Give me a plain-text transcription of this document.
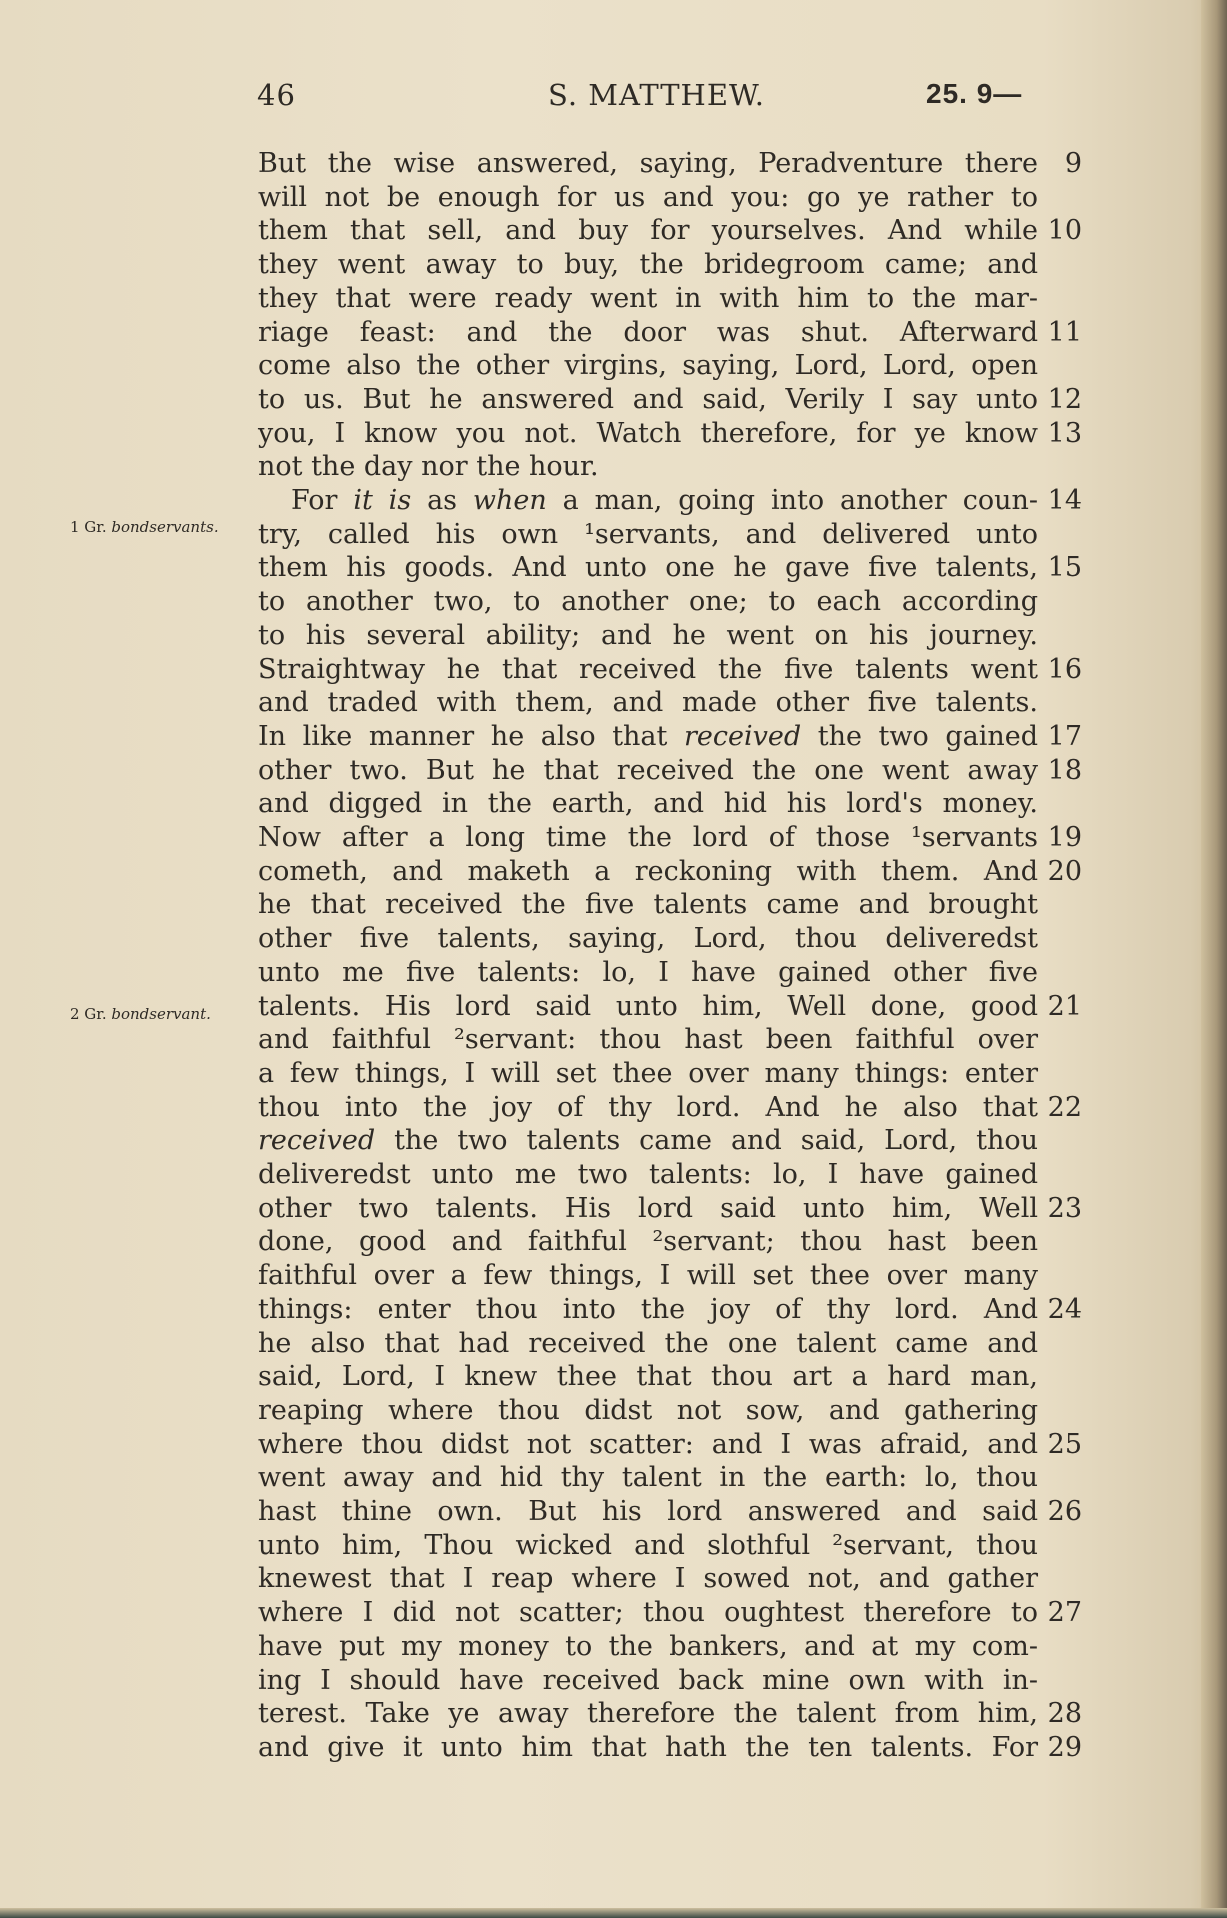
46	S. MATTHEW.	25. 9—
1 Gr. bondservants.
2 Gr. bondservant.
But the wise answered, saying, Peradventure there 9
will not be enough for us and you: go ye rather to
them that sell, and buy for yourselves. And while 10
they went away to buy, the bridegroom came; and
they that were ready went in with him to the mar-
riage feast: and the door was shut. Afterward 11
come also the other virgins, saying, Lord, Lord, open
to us. But he answered and said, Verily I say unto 12
you, I know you not. Watch therefore, for ye know 13
not the day nor the hour.
For it is as when a man, going into another coun- 14
try, called his own ¹servants, and delivered unto
them his goods. And unto one he gave five talents, 15
to another two, to another one; to each according
to his several ability; and he went on his journey.
Straightway he that received the five talents went 16
and traded with them, and made other five talents.
In like manner he also that received the two gained 17
other two. But he that received the one went away 18
and digged in the earth, and hid his lord's money.
Now after a long time the lord of those ¹servants 19
cometh, and maketh a reckoning with them. And 20
he that received the five talents came and brought
other five talents, saying, Lord, thou deliveredst
unto me five talents: lo, I have gained other five
talents. His lord said unto him, Well done, good 21
and faithful ²servant: thou hast been faithful over
a few things, I will set thee over many things: enter
thou into the joy of thy lord. And he also that 22
received the two talents came and said, Lord, thou
deliveredst unto me two talents: lo, I have gained
other two talents. His lord said unto him, Well 23
done, good and faithful ²servant; thou hast been
faithful over a few things, I will set thee over many
things: enter thou into the joy of thy lord. And 24
he also that had received the one talent came and
said, Lord, I knew thee that thou art a hard man,
reaping where thou didst not sow, and gathering
where thou didst not scatter: and I was afraid, and 25
went away and hid thy talent in the earth: lo, thou
hast thine own. But his lord answered and said 26
unto him, Thou wicked and slothful ²servant, thou
knewest that I reap where I sowed not, and gather
where I did not scatter; thou oughtest therefore to 27
have put my money to the bankers, and at my com-
ing I should have received back mine own with in-
terest. Take ye away therefore the talent from him, 28
and give it unto him that hath the ten talents. For 29
